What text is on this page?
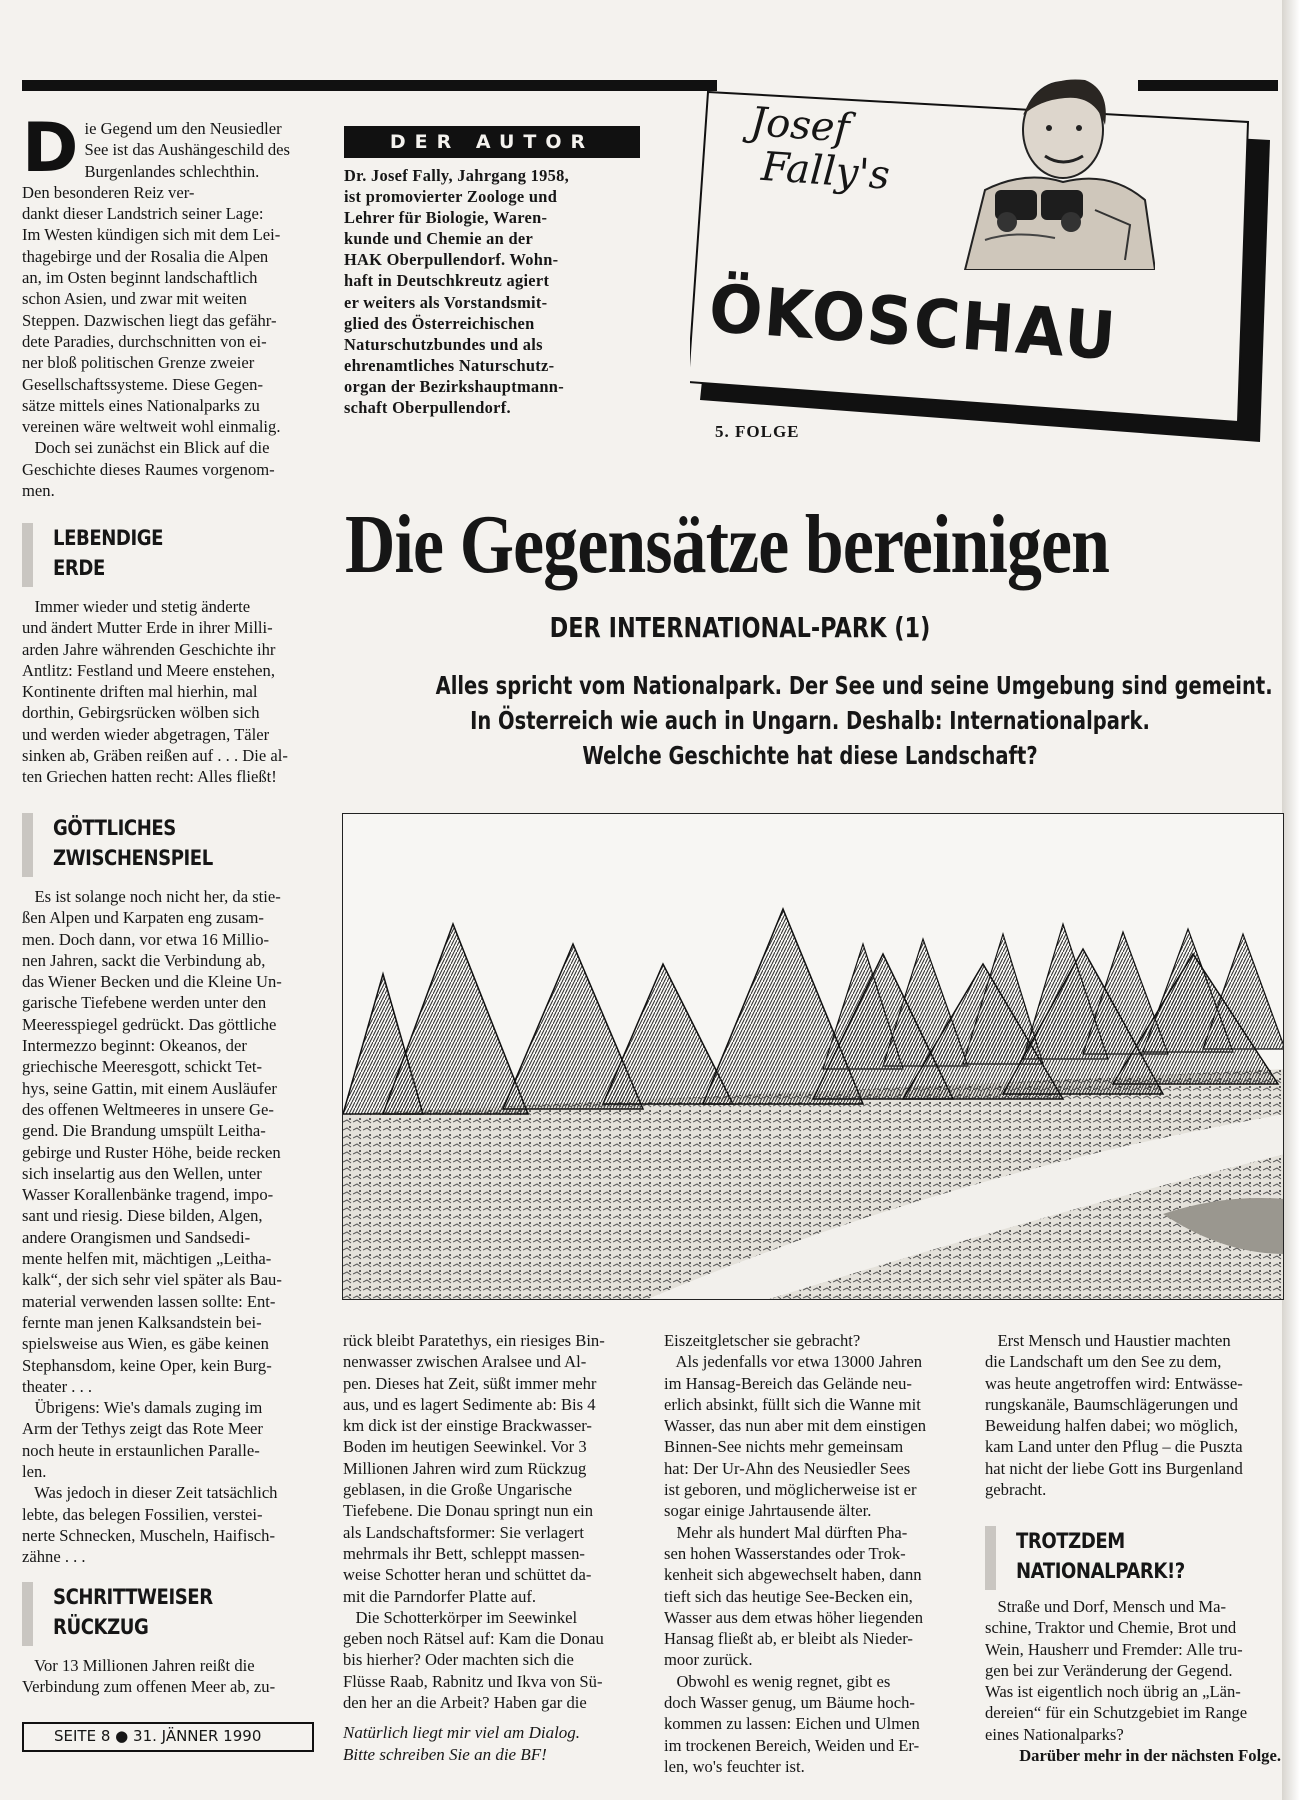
D ie Gegend um den Neusiedler
See ist das Aushängeschild des
Burgenlandes schlechthin.
Den besonderen Reiz ver-
dankt dieser Landstrich seiner Lage:
Im Westen kündigen sich mit dem Lei-
thagebirge und der Rosalia die Alpen
an, im Osten beginnt landschaftlich
schon Asien, und zwar mit weiten
Steppen. Dazwischen liegt das gefähr-
dete Paradies, durchschnitten von ei-
ner bloß politischen Grenze zweier
Gesellschaftssysteme. Diese Gegen-
sätze mittels eines Nationalparks zu
vereinen wäre weltweit wohl einmalig.
Doch sei zunächst ein Blick auf die
Geschichte dieses Raumes vorgenom-
men.
LEBENDIGE
ERDE
Immer wieder und stetig änderte
und ändert Mutter Erde in ihrer Milli-
arden Jahre währenden Geschichte ihr
Antlitz: Festland und Meere enstehen,
Kontinente driften mal hierhin, mal
dorthin, Gebirgsrücken wölben sich
und werden wieder abgetragen, Täler
sinken ab, Gräben reißen auf . . . Die al-
ten Griechen hatten recht: Alles fließt!
GÖTTLICHES
ZWISCHENSPIEL
Es ist solange noch nicht her, da stie-
ßen Alpen und Karpaten eng zusam-
men. Doch dann, vor etwa 16 Millio-
nen Jahren, sackt die Verbindung ab,
das Wiener Becken und die Kleine Un-
garische Tiefebene werden unter den
Meeresspiegel gedrückt. Das göttliche
Intermezzo beginnt: Okeanos, der
griechische Meeresgott, schickt Tet-
hys, seine Gattin, mit einem Ausläufer
des offenen Weltmeeres in unsere Ge-
gend. Die Brandung umspült Leitha-
gebirge und Ruster Höhe, beide recken
sich inselartig aus den Wellen, unter
Wasser Korallenbänke tragend, impo-
sant und riesig. Diese bilden, Algen,
andere Orangismen und Sandsedi-
mente helfen mit, mächtigen „Leitha-
kalk“, der sich sehr viel später als Bau-
material verwenden lassen sollte: Ent-
fernte man jenen Kalksandstein bei-
spielsweise aus Wien, es gäbe keinen
Stephansdom, keine Oper, kein Burg-
theater . . .
Übrigens: Wie's damals zuging im
Arm der Tethys zeigt das Rote Meer
noch heute in erstaunlichen Paralle-
len.
Was jedoch in dieser Zeit tatsächlich
lebte, das belegen Fossilien, verstei-
nerte Schnecken, Muscheln, Haifisch-
zähne . . .
SCHRITTWEISER
RÜCKZUG
Vor 13 Millionen Jahren reißt die
Verbindung zum offenen Meer ab, zu-
SEITE 8 ● 31. JÄNNER 1990
DER AUTOR
Dr. Josef Fally, Jahrgang 1958,
ist promovierter Zoologe und
Lehrer für Biologie, Waren-
kunde und Chemie an der
HAK Oberpullendorf. Wohn-
haft in Deutschkreutz agiert
er weiters als Vorstandsmit-
glied des Österreichischen
Naturschutzbundes und als
ehrenamtliches Naturschutz-
organ der Bezirkshauptmann-
schaft Oberpullendorf.
Josef
Fally's
ÖKOSCHAU
5. FOLGE
Die Gegensätze bereinigen
DER INTERNATIONAL-PARK (1)
Alles spricht vom Nationalpark. Der See und seine Umgebung sind gemeint.
In Österreich wie auch in Ungarn. Deshalb: Internationalpark.
Welche Geschichte hat diese Landschaft?
rück bleibt Paratethys, ein riesiges Bin-
nenwasser zwischen Aralsee und Al-
pen. Dieses hat Zeit, süßt immer mehr
aus, und es lagert Sedimente ab: Bis 4
km dick ist der einstige Brackwasser-
Boden im heutigen Seewinkel. Vor 3
Millionen Jahren wird zum Rückzug
geblasen, in die Große Ungarische
Tiefebene. Die Donau springt nun ein
als Landschaftsformer: Sie verlagert
mehrmals ihr Bett, schleppt massen-
weise Schotter heran und schüttet da-
mit die Parndorfer Platte auf.
Die Schotterkörper im Seewinkel
geben noch Rätsel auf: Kam die Donau
bis hierher? Oder machten sich die
Flüsse Raab, Rabnitz und Ikva von Sü-
den her an die Arbeit? Haben gar die
Natürlich liegt mir viel am Dialog.
Bitte schreiben Sie an die BF!
Eiszeitgletscher sie gebracht?
Als jedenfalls vor etwa 13000 Jahren
im Hansag-Bereich das Gelände neu-
erlich absinkt, füllt sich die Wanne mit
Wasser, das nun aber mit dem einstigen
Binnen-See nichts mehr gemeinsam
hat: Der Ur-Ahn des Neusiedler Sees
ist geboren, und möglicherweise ist er
sogar einige Jahrtausende älter.
Mehr als hundert Mal dürften Pha-
sen hohen Wasserstandes oder Trok-
kenheit sich abgewechselt haben, dann
tieft sich das heutige See-Becken ein,
Wasser aus dem etwas höher liegenden
Hansag fließt ab, er bleibt als Nieder-
moor zurück.
Obwohl es wenig regnet, gibt es
doch Wasser genug, um Bäume hoch-
kommen zu lassen: Eichen und Ulmen
im trockenen Bereich, Weiden und Er-
len, wo's feuchter ist.
Erst Mensch und Haustier machten
die Landschaft um den See zu dem,
was heute angetroffen wird: Entwässe-
rungskanäle, Baumschlägerungen und
Beweidung halfen dabei; wo möglich,
kam Land unter den Pflug – die Puszta
hat nicht der liebe Gott ins Burgenland
gebracht.
TROTZDEM
NATIONALPARK!?
Straße und Dorf, Mensch und Ma-
schine, Traktor und Chemie, Brot und
Wein, Hausherr und Fremder: Alle tru-
gen bei zur Veränderung der Gegend.
Was ist eigentlich noch übrig an „Län-
dereien“ für ein Schutzgebiet im Range
eines Nationalparks?
Darüber mehr in der nächsten Folge.
